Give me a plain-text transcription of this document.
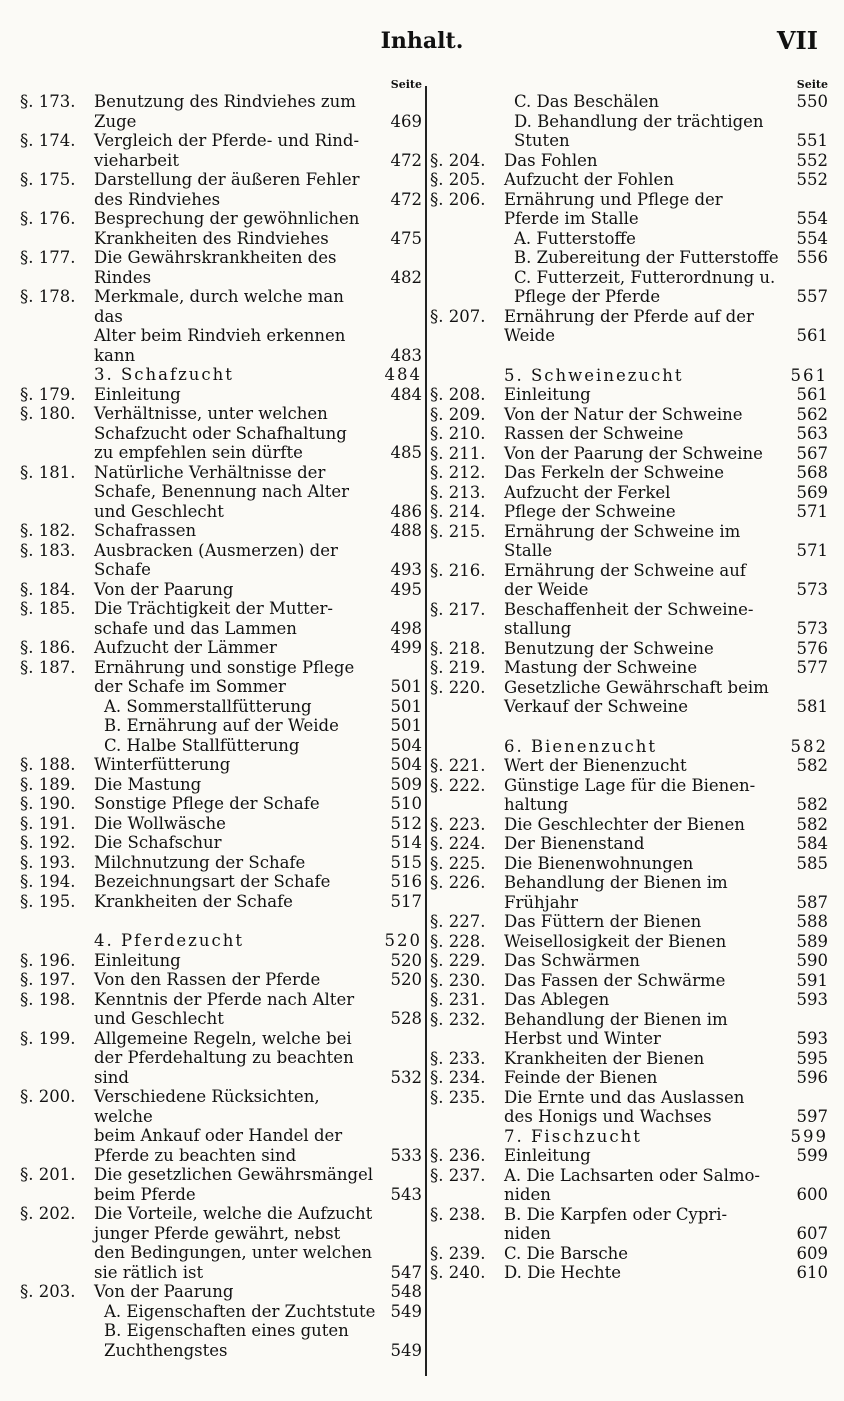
Inhalt.	VII
Seite
§. 173.	Benutzung des Rindviehes zum
Zuge	469
§. 174.	Vergleich der Pferde- und Rind-
vieharbeit	472
§. 175.	Darstellung der äußeren Fehler
des Rindviehes	472
§. 176.	Besprechung der gewöhnlichen
Krankheiten des Rindviehes	475
§. 177.	Die Gewährskrankheiten des
Rindes	482
§. 178.	Merkmale, durch welche man das
Alter beim Rindvieh erkennen
kann	483
3. Schafzucht	484
§. 179.	Einleitung	484
§. 180.	Verhältnisse, unter welchen
Schafzucht oder Schafhaltung
zu empfehlen sein dürfte	485
§. 181.	Natürliche Verhältnisse der
Schafe, Benennung nach Alter
und Geschlecht	486
§. 182.	Schafrassen	488
§. 183.	Ausbracken (Ausmerzen) der
Schafe	493
§. 184.	Von der Paarung	495
§. 185.	Die Trächtigkeit der Mutter-
schafe und das Lammen	498
§. 186.	Aufzucht der Lämmer	499
§. 187.	Ernährung und sonstige Pflege
der Schafe im Sommer	501
A. Sommerstallfütterung	501
B. Ernährung auf der Weide	501
C. Halbe Stallfütterung	504
§. 188.	Winterfütterung	504
§. 189.	Die Mastung	509
§. 190.	Sonstige Pflege der Schafe	510
§. 191.	Die Wollwäsche	512
§. 192.	Die Schafschur	514
§. 193.	Milchnutzung der Schafe	515
§. 194.	Bezeichnungsart der Schafe	516
§. 195.	Krankheiten der Schafe	517
4. Pferdezucht	520
§. 196.	Einleitung	520
§. 197.	Von den Rassen der Pferde	520
§. 198.	Kenntnis der Pferde nach Alter
und Geschlecht	528
§. 199.	Allgemeine Regeln, welche bei
der Pferdehaltung zu beachten
sind	532
§. 200.	Verschiedene Rücksichten, welche
beim Ankauf oder Handel der
Pferde zu beachten sind	533
§. 201.	Die gesetzlichen Gewährsmängel
beim Pferde	543
§. 202.	Die Vorteile, welche die Aufzucht
junger Pferde gewährt, nebst
den Bedingungen, unter welchen
sie rätlich ist	547
§. 203.	Von der Paarung	548
A. Eigenschaften der Zuchtstute 549
B. Eigenschaften eines guten
Zuchthengstes	549
Seite
C. Das Beschälen	550
D. Behandlung der trächtigen
Stuten	551
§. 204.	Das Fohlen	552
§. 205.	Aufzucht der Fohlen	552
§. 206.	Ernährung und Pflege der
Pferde im Stalle	554
A. Futterstoffe	554
B. Zubereitung der Futterstoffe 556
C. Futterzeit, Futterordnung u.
Pflege der Pferde	557
§. 207.	Ernährung der Pferde auf der
Weide	561
5. Schweinezucht	561
§. 208.	Einleitung	561
§. 209.	Von der Natur der Schweine	562
§. 210.	Rassen der Schweine	563
§. 211.	Von der Paarung der Schweine	567
§. 212.	Das Ferkeln der Schweine	568
§. 213.	Aufzucht der Ferkel	569
§. 214.	Pflege der Schweine	571
§. 215.	Ernährung der Schweine im
Stalle	571
§. 216.	Ernährung der Schweine auf
der Weide	573
§. 217.	Beschaffenheit der Schweine-
stallung	573
§. 218.	Benutzung der Schweine	576
§. 219.	Mastung der Schweine	577
§. 220.	Gesetzliche Gewährschaft beim
Verkauf der Schweine	581
6. Bienenzucht	582
§. 221.	Wert der Bienenzucht	582
§. 222.	Günstige Lage für die Bienen-
haltung	582
§. 223.	Die Geschlechter der Bienen	582
§. 224.	Der Bienenstand	584
§. 225.	Die Bienenwohnungen	585
§. 226.	Behandlung der Bienen im
Frühjahr	587
§. 227.	Das Füttern der Bienen	588
§. 228.	Weisellosigkeit der Bienen	589
§. 229.	Das Schwärmen	590
§. 230.	Das Fassen der Schwärme	591
§. 231.	Das Ablegen	593
§. 232.	Behandlung der Bienen im
Herbst und Winter	593
§. 233.	Krankheiten der Bienen	595
§. 234.	Feinde der Bienen	596
§. 235.	Die Ernte und das Auslassen
des Honigs und Wachses	597
7. Fischzucht	599
§. 236.	Einleitung	599
§. 237.	A. Die Lachsarten oder Salmo-
niden	600
§. 238.	B. Die Karpfen oder Cypri-
niden	607
§. 239.	C. Die Barsche	609
§. 240.	D. Die Hechte	610
